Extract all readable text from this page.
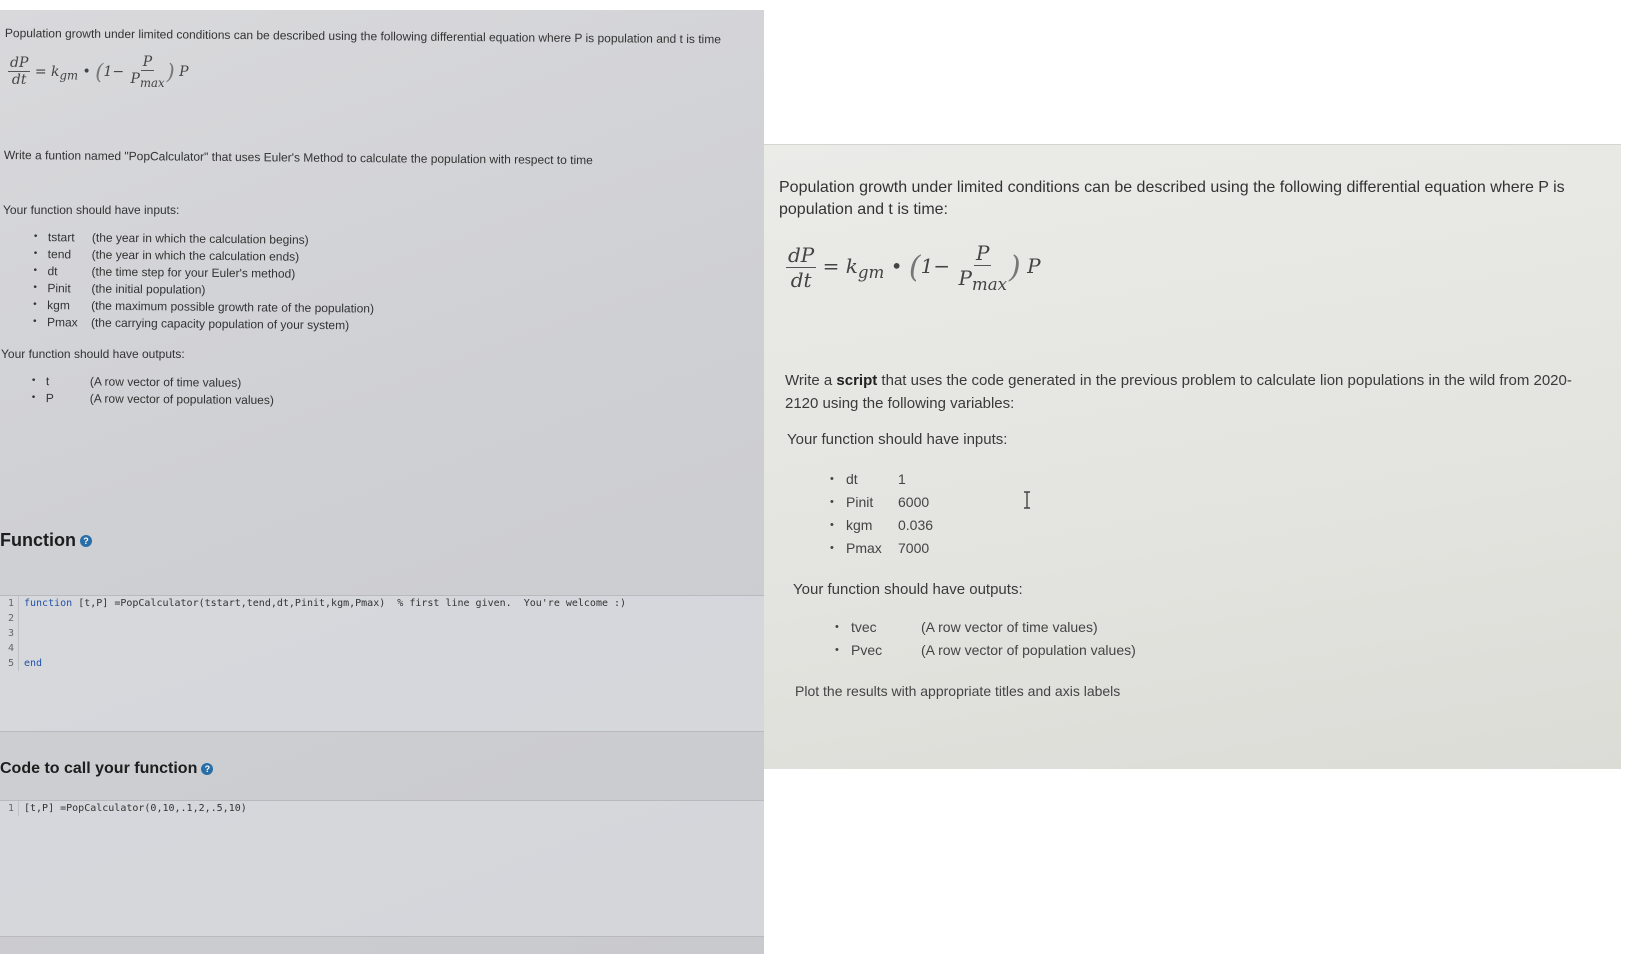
Population growth under limited conditions can be described using the following differential equation where P is population and t is time
$\frac{dP}{dt} = k_{gm}$ • ($1- \frac{P}{P_{max}}$ ) P
Write a funtion named "PopCalculator" that uses Euler's Method to calculate the population with respect to time
Your function should have inputs:
• tstart	(the year in which the calculation begins)
• tend	(the year in which the calculation ends)
• dt	(the time step for your Euler's method)
• Pinit	(the initial population)
• kgm	(the maximum possible growth rate of the population)
• Pmax	(the carrying capacity population of your system)
Your function should have outputs:
• t	(A row vector of time values)
• P	(A row vector of population values)
Function ?
1	function [t,P] =PopCalculator(tstart,tend,dt,Pinit,kgm,Pmax)  % first line given.  You're welcome :)
2
3
4
5	end
Code to call your function ?
1	[t,P] =PopCalculator(0,10,.1,2,.5,10)
Population growth under limited conditions can be described using the following differential equation where P is population and t is time:
$\frac{dP}{dt} = k_{gm}$ • ($1- \frac{P}{P_{max}}$ ) P
Write a script that uses the code generated in the previous problem to calculate lion populations in the wild from 2020-2120 using the following variables:
Your function should have inputs:
• dt	1
• Pinit	6000
• kgm	0.036
• Pmax	7000
Your function should have outputs:
• tvec	(A row vector of time values)
• Pvec	(A row vector of population values)
Plot the results with appropriate titles and axis labels
